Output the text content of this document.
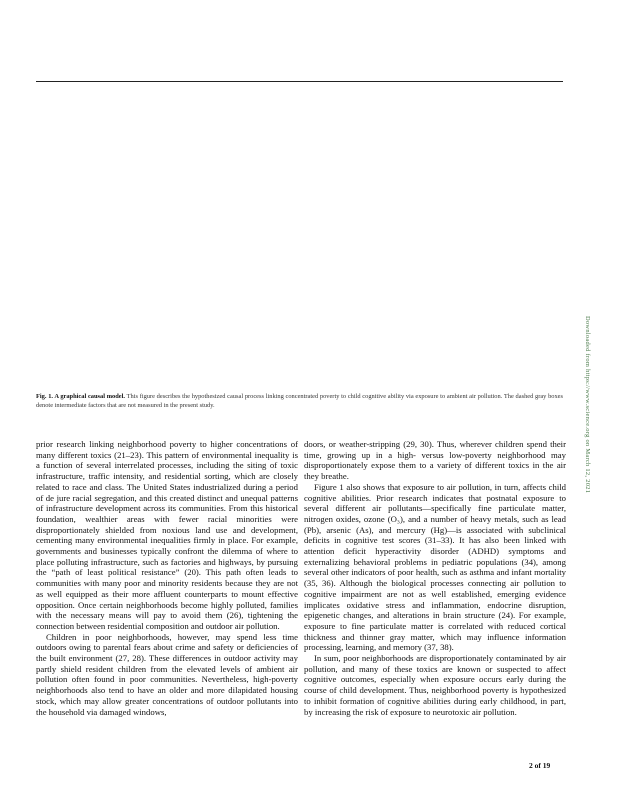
Fig. 1. A graphical causal model. This figure describes the hypothesized causal process linking concentrated poverty to child cognitive ability via exposure to ambient air pollution. The dashed gray boxes denote intermediate factors that are not measured in the present study.

prior research linking neighborhood poverty to higher concentrations of many different toxics (21–23). This pattern of environmental inequality is a function of several interrelated processes, including the siting of toxic infrastructure, traffic intensity, and residential sorting, which are closely related to race and class. The United States industrialized during a period of de jure racial segregation, and this created distinct and unequal patterns of infrastructure development across its communities. From this historical foundation, wealthier areas with fewer racial minorities were disproportionately shielded from noxious land use and development, cementing many environmental inequalities firmly in place. For example, governments and businesses typically confront the dilemma of where to place polluting infrastructure, such as factories and highways, by pursuing the “path of least political resistance” (20). This path often leads to communities with many poor and minority residents because they are not as well equipped as their more affluent counterparts to mount effective opposition. Once certain neighborhoods become highly polluted, families with the necessary means will pay to avoid them (26), tightening the connection between residential composition and outdoor air pollution.

Children in poor neighborhoods, however, may spend less time outdoors owing to parental fears about crime and safety or deficiencies of the built environment (27, 28). These differences in outdoor activity may partly shield resident children from the elevated levels of ambient air pollution often found in poor communities. Nevertheless, high-poverty neighborhoods also tend to have an older and more dilapidated housing stock, which may allow greater concentrations of outdoor pollutants into the household via damaged windows,

doors, or weather-stripping (29, 30). Thus, wherever children spend their time, growing up in a high- versus low-poverty neighborhood may disproportionately expose them to a variety of different toxics in the air they breathe.

Figure 1 also shows that exposure to air pollution, in turn, affects child cognitive abilities. Prior research indicates that postnatal exposure to several different air pollutants—specifically fine particulate matter, nitrogen oxides, ozone (O₃), and a number of heavy metals, such as lead (Pb), arsenic (As), and mercury (Hg)—is associated with subclinical deficits in cognitive test scores (31–33). It has also been linked with attention deficit hyperactivity disorder (ADHD) symptoms and externalizing behavioral problems in pediatric populations (34), among several other indicators of poor health, such as asthma and infant mortality (35, 36). Although the biological processes connecting air pollution to cognitive impairment are not as well established, emerging evidence implicates oxidative stress and inflammation, endocrine disruption, epigenetic changes, and alterations in brain structure (24). For example, exposure to fine particulate matter is correlated with reduced cortical thickness and thinner gray matter, which may influence information processing, learning, and memory (37, 38).

In sum, poor neighborhoods are disproportionately contaminated by air pollution, and many of these toxics are known or suspected to affect cognitive outcomes, especially when exposure occurs early during the course of child development. Thus, neighborhood poverty is hypothesized to inhibit formation of cognitive abilities during early childhood, in part, by increasing the risk of exposure to neurotoxic air pollution.

Downloaded from https://www.science.org on March 12, 2021
2 of 19
